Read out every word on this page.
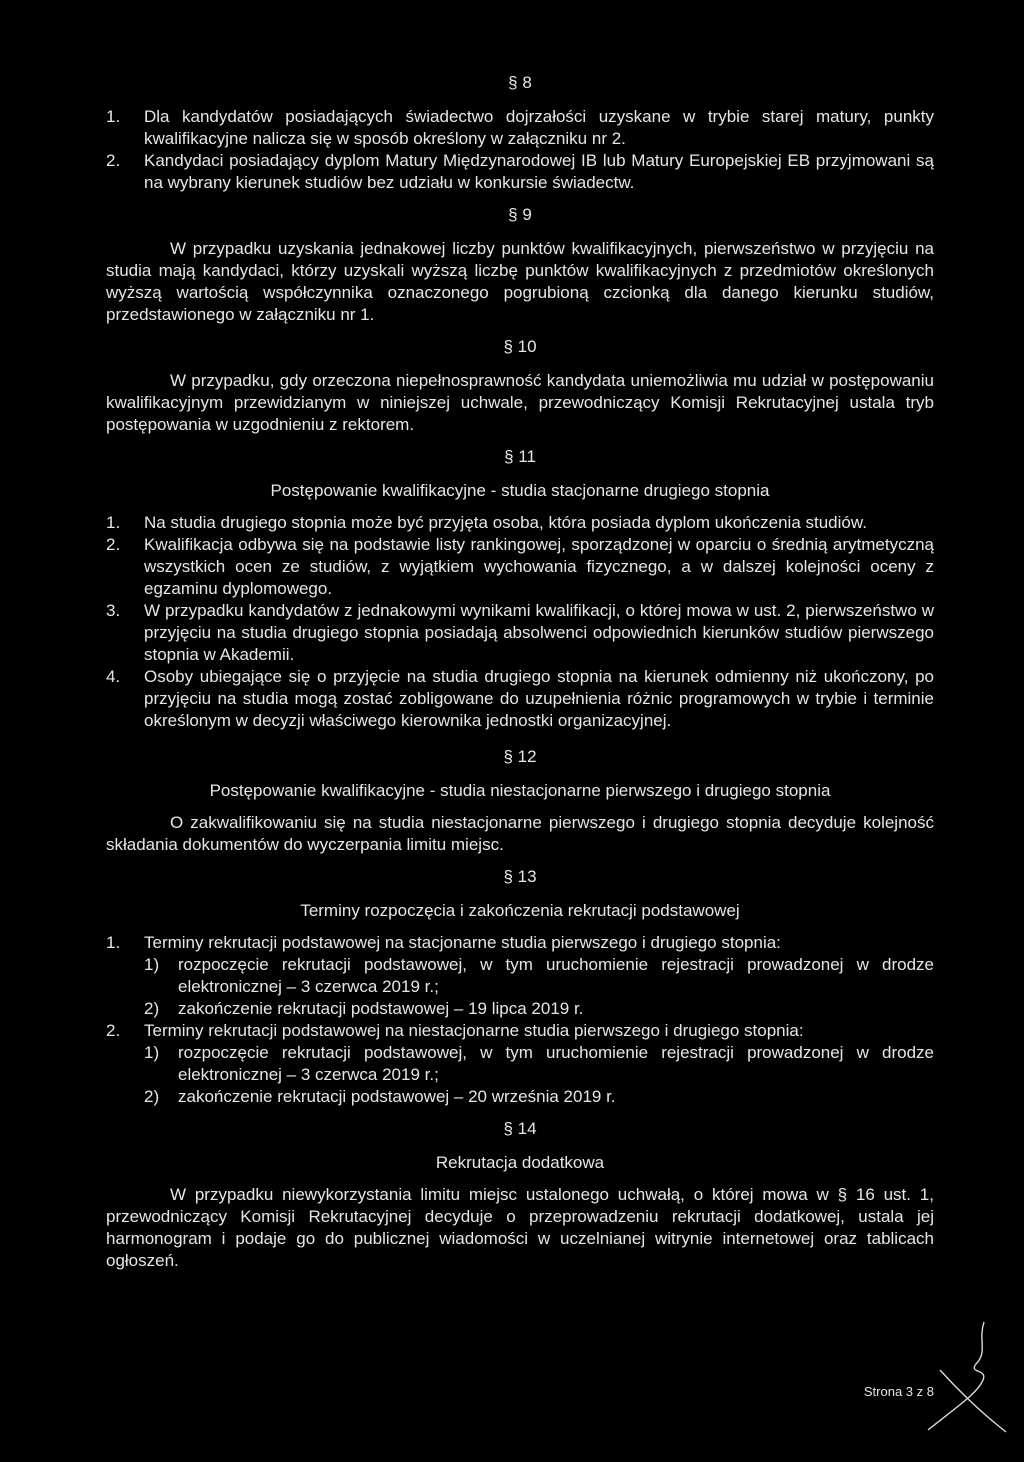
§ 8
1. Dla kandydatów posiadających świadectwo dojrzałości uzyskane w trybie starej matury, punkty kwalifikacyjne nalicza się w sposób określony w załączniku nr 2.
2. Kandydaci posiadający dyplom Matury Międzynarodowej IB lub Matury Europejskiej EB przyjmowani są na wybrany kierunek studiów bez udziału w konkursie świadectw.
§ 9

W przypadku uzyskania jednakowej liczby punktów kwalifikacyjnych, pierwszeństwo w przyjęciu na studia mają kandydaci, którzy uzyskali wyższą liczbę punktów kwalifikacyjnych z przedmiotów określonych wyższą wartością współczynnika oznaczonego pogrubioną czcionką dla danego kierunku studiów, przedstawionego w załączniku nr 1.

§ 10

W przypadku, gdy orzeczona niepełnosprawność kandydata uniemożliwia mu udział w postępowaniu kwalifikacyjnym przewidzianym w niniejszej uchwale, przewodniczący Komisji Rekrutacyjnej ustala tryb postępowania w uzgodnieniu z rektorem.

§ 11
Postępowanie kwalifikacyjne - studia stacjonarne drugiego stopnia
1. Na studia drugiego stopnia może być przyjęta osoba, która posiada dyplom ukończenia studiów.
2. Kwalifikacja odbywa się na podstawie listy rankingowej, sporządzonej w oparciu o średnią arytmetyczną wszystkich ocen ze studiów, z wyjątkiem wychowania fizycznego, a w dalszej kolejności oceny z egzaminu dyplomowego.
3. W przypadku kandydatów z jednakowymi wynikami kwalifikacji, o której mowa w ust. 2, pierwszeństwo w przyjęciu na studia drugiego stopnia posiadają absolwenci odpowiednich kierunków studiów pierwszego stopnia w Akademii.
4. Osoby ubiegające się o przyjęcie na studia drugiego stopnia na kierunek odmienny niż ukończony, po przyjęciu na studia mogą zostać zobligowane do uzupełnienia różnic programowych w trybie i terminie określonym w decyzji właściwego kierownika jednostki organizacyjnej.
§ 12
Postępowanie kwalifikacyjne - studia niestacjonarne pierwszego i drugiego stopnia

O zakwalifikowaniu się na studia niestacjonarne pierwszego i drugiego stopnia decyduje kolejność składania dokumentów do wyczerpania limitu miejsc.

§ 13
Terminy rozpoczęcia i zakończenia rekrutacji podstawowej
1. Terminy rekrutacji podstawowej na stacjonarne studia pierwszego i drugiego stopnia:
1) rozpoczęcie rekrutacji podstawowej, w tym uruchomienie rejestracji prowadzonej w drodze elektronicznej – 3 czerwca 2019 r.;
2) zakończenie rekrutacji podstawowej – 19 lipca 2019 r.
2. Terminy rekrutacji podstawowej na niestacjonarne studia pierwszego i drugiego stopnia:
1) rozpoczęcie rekrutacji podstawowej, w tym uruchomienie rejestracji prowadzonej w drodze elektronicznej – 3 czerwca 2019 r.;
2) zakończenie rekrutacji podstawowej – 20 września 2019 r.
§ 14
Rekrutacja dodatkowa

W przypadku niewykorzystania limitu miejsc ustalonego uchwałą, o której mowa w § 16 ust. 1, przewodniczący Komisji Rekrutacyjnej decyduje o przeprowadzeniu rekrutacji dodatkowej, ustala jej harmonogram i podaje go do publicznej wiadomości w uczelnianej witrynie internetowej oraz tablicach ogłoszeń.

Strona 3 z 8
